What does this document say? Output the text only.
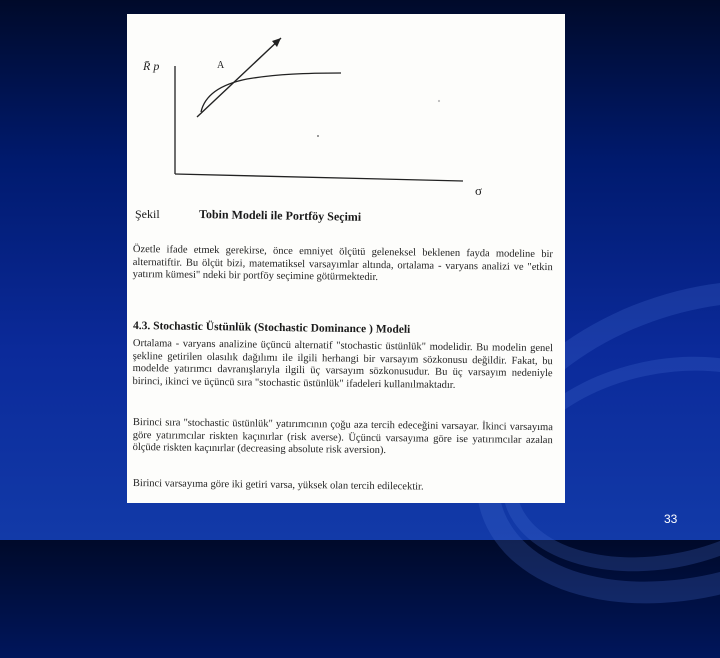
R̄ p	A
σ
Şekil	Tobin Modeli ile Portföy Seçimi
Özetle ifade etmek gerekirse, önce emniyet ölçütü geleneksel beklenen fayda modeline bir alternatiftir. Bu ölçüt bizi, matematiksel varsayımlar altında, ortalama - varyans analizi ve "etkin yatırım kümesi" ndeki bir portföy seçimine götürmektedir.
4.3. Stochastic Üstünlük (Stochastic Dominance ) Modeli
Ortalama - varyans analizine üçüncü alternatif "stochastic üstünlük" modelidir. Bu modelin genel şekline getirilen olasılık dağılımı ile ilgili herhangi bir varsayım sözkonusu değildir. Fakat, bu modelde yatırımcı davranışlarıyla ilgili üç varsayım sözkonusudur. Bu üç varsayım nedeniyle birinci, ikinci ve üçüncü sıra "stochastic üstünlük" ifadeleri kullanılmaktadır.
Birinci sıra "stochastic üstünlük" yatırımcının çoğu aza tercih edeceğini varsayar. İkinci varsayıma göre yatırımcılar riskten kaçınırlar (risk averse). Üçüncü varsayıma göre ise yatırımcılar azalan ölçüde riskten kaçınırlar (decreasing absolute risk aversion).
Birinci varsayıma göre iki getiri varsa, yüksek olan tercih edilecektir.
33
